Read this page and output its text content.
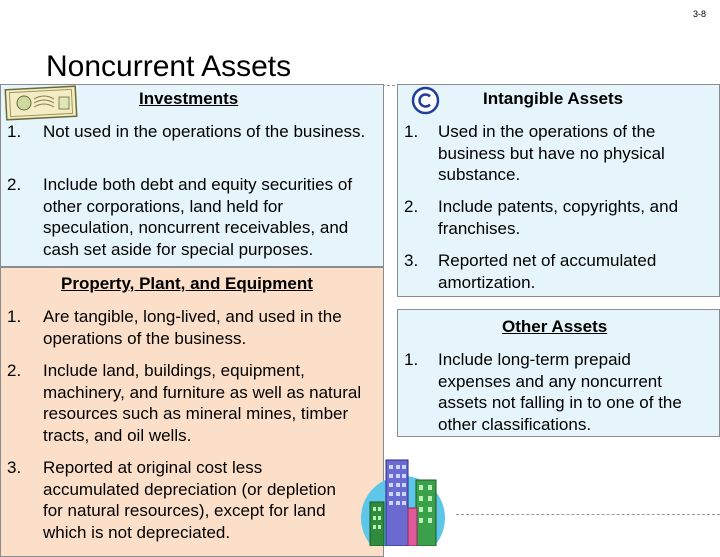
3-8
Noncurrent Assets
Investments
1. Not used in the operations of the business.
2. Include both debt and equity securities of other corporations, land held for speculation, noncurrent receivables, and cash set aside for special purposes.
Property, Plant, and Equipment
1. Are tangible, long-lived, and used in the operations of the business.
2. Include land, buildings, equipment, machinery, and furniture as well as natural resources such as mineral mines, timber tracts, and oil wells.
3. Reported at original cost less accumulated depreciation (or depletion for natural resources), except for land which is not depreciated.
Intangible Assets
1. Used in the operations of the business but have no physical substance.
2. Include patents, copyrights, and franchises.
3. Reported net of accumulated amortization.
Other Assets
1. Include long-term prepaid expenses and any noncurrent assets not falling in to one of the other classifications.
